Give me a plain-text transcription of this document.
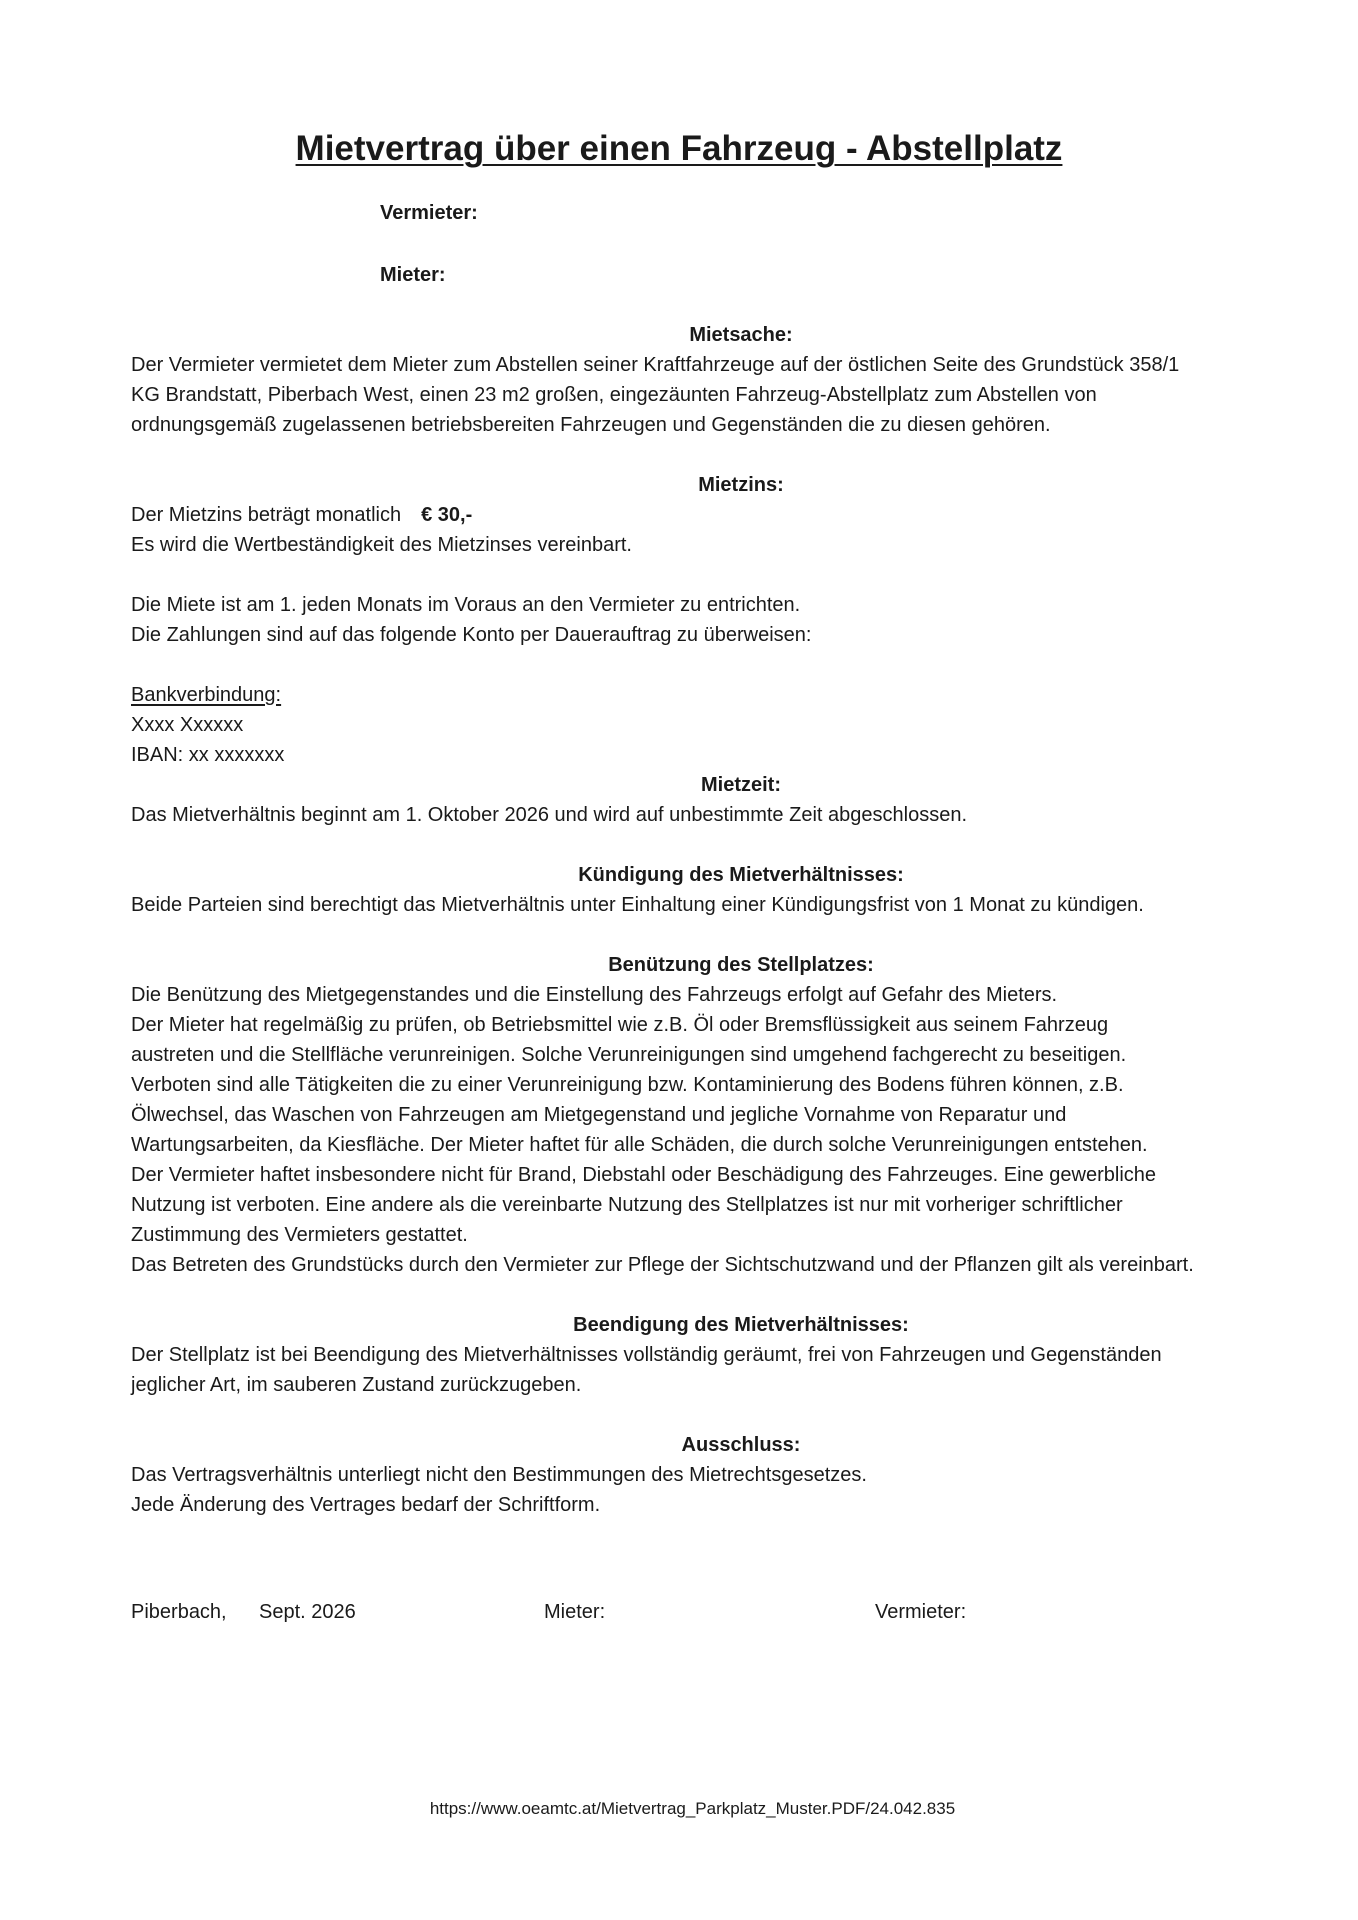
Mietvertrag über einen Fahrzeug - Abstellplatz
Vermieter:
Mieter:

Mietsache:

Der Vermieter vermietet dem Mieter zum Abstellen seiner Kraftfahrzeuge auf der östlichen Seite des Grundstück 358/1

KG Brandstatt, Piberbach West, einen 23 m2 großen, eingezäunten Fahrzeug-Abstellplatz zum Abstellen von

ordnungsgemäß zugelassenen betriebsbereiten Fahrzeugen und Gegenständen die zu diesen gehören.

Mietzins:

Der Mietzins beträgt monatlich € 30,-

Es wird die Wertbeständigkeit des Mietzinses vereinbart.

Die Miete ist am 1. jeden Monats im Voraus an den Vermieter zu entrichten.

Die Zahlungen sind auf das folgende Konto per Dauerauftrag zu überweisen:

Bankverbindung:

Xxxx Xxxxxx

IBAN: xx xxxxxxx

Mietzeit:

Das Mietverhältnis beginnt am 1. Oktober 2026 und wird auf unbestimmte Zeit abgeschlossen.

Kündigung des Mietverhältnisses:

Beide Parteien sind berechtigt das Mietverhältnis unter Einhaltung einer Kündigungsfrist von 1 Monat zu kündigen.

Benützung des Stellplatzes:

Die Benützung des Mietgegenstandes und die Einstellung des Fahrzeugs erfolgt auf Gefahr des Mieters.

Der Mieter hat regelmäßig zu prüfen, ob Betriebsmittel wie z.B. Öl oder Bremsflüssigkeit aus seinem Fahrzeug

austreten und die Stellfläche verunreinigen. Solche Verunreinigungen sind umgehend fachgerecht zu beseitigen.

Verboten sind alle Tätigkeiten die zu einer Verunreinigung bzw. Kontaminierung des Bodens führen können, z.B.

Ölwechsel, das Waschen von Fahrzeugen am Mietgegenstand und jegliche Vornahme von Reparatur und

Wartungsarbeiten, da Kiesfläche. Der Mieter haftet für alle Schäden, die durch solche Verunreinigungen entstehen.

Der Vermieter haftet insbesondere nicht für Brand, Diebstahl oder Beschädigung des Fahrzeuges. Eine gewerbliche

Nutzung ist verboten. Eine andere als die vereinbarte Nutzung des Stellplatzes ist nur mit vorheriger schriftlicher

Zustimmung des Vermieters gestattet.

Das Betreten des Grundstücks durch den Vermieter zur Pflege der Sichtschutzwand und der Pflanzen gilt als vereinbart.

Beendigung des Mietverhältnisses:

Der Stellplatz ist bei Beendigung des Mietverhältnisses vollständig geräumt, frei von Fahrzeugen und Gegenständen

jeglicher Art, im sauberen Zustand zurückzugeben.

Ausschluss:

Das Vertragsverhältnis unterliegt nicht den Bestimmungen des Mietrechtsgesetzes.

Jede Änderung des Vertrages bedarf der Schriftform.

Piberbach, Sept. 2026	Mieter:	Vermieter:
https://www.oeamtc.at/Mietvertrag_Parkplatz_Muster.PDF/24.042.835
